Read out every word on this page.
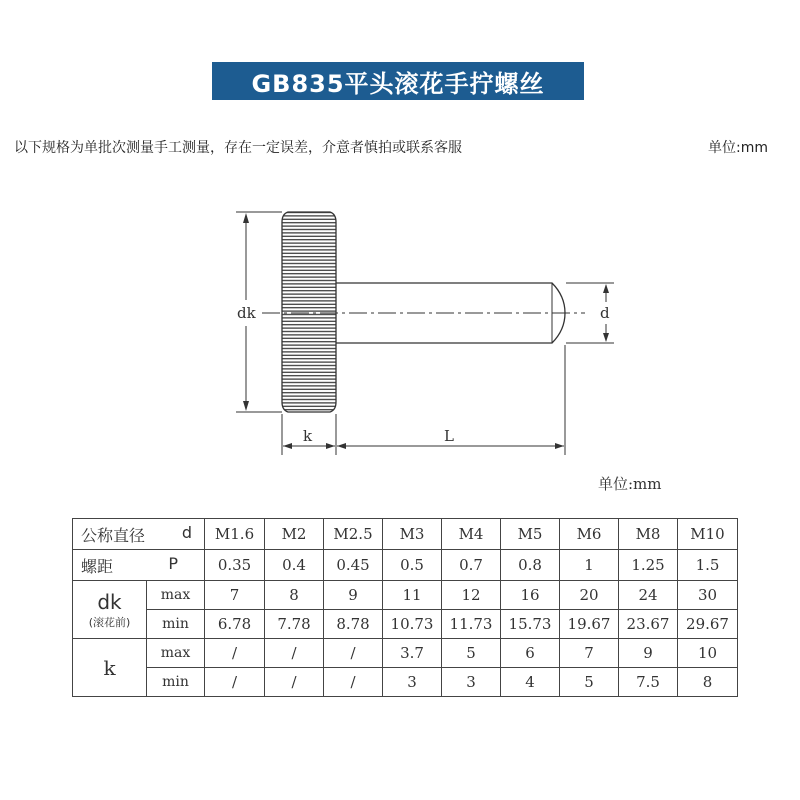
GB835平头滚花手拧螺丝
以下规格为单批次测量手工测量，存在一定误差，介意者慎拍或联系客服	单位:mm
dk	d
k	L
单位:mm
公称直径 d		M1.6	M2	M2.5	M3	M4	M5	M6	M8	M10

螺距 P		0.35	0.4	0.45	0.5	0.7	0.8	1	1.25	1.5
dk
(滚花前)	max	7	8	9	11	12	16	20	24	30
	min	6.78	7.78	8.78	10.73	11.73	15.73	19.67	23.67	29.67
k	max	/	/	/	3.7	5	6	7	9	10
	min	/	/	/	3	3	4	5	7.5	8
